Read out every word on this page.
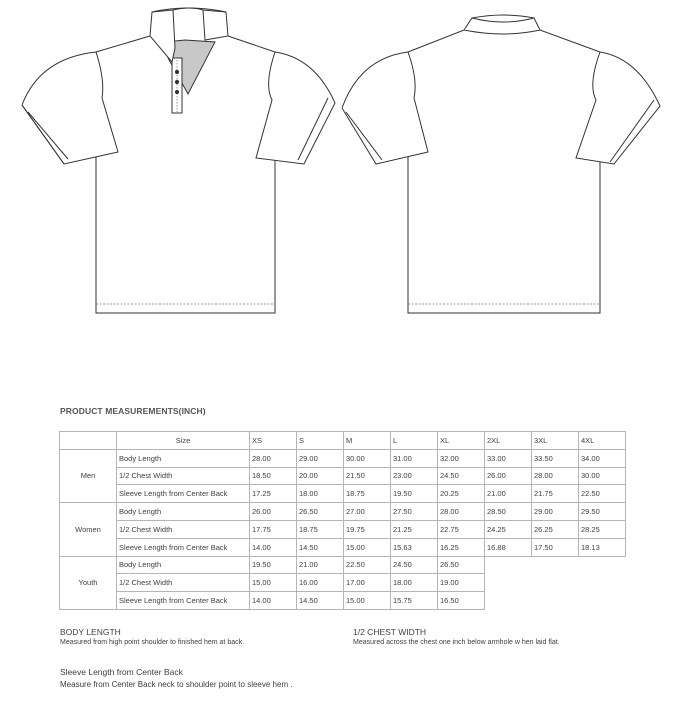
PRODUCT MEASUREMENTS(INCH)
	Size	XS	S	M	L	XL	2XL	3XL	4XL
Men	Body Length	28.00	29.00	30.00	31.00	32.00	33.00	33.50	34.00
	1/2 Chest Width	18.50	20.00	21.50	23.00	24.50	26.00	28.00	30.00
	Sleeve Length from Center Back	17.25	18.00	18.75	19.50	20.25	21.00	21.75	22.50
Women	Body Length	26.00	26.50	27.00	27.50	28.00	28.50	29.00	29.50
	1/2 Chest Width	17.75	18.75	19.75	21.25	22.75	24.25	26.25	28.25
	Sleeve Length from Center Back	14.00	14.50	15.00	15.63	16.25	16.88	17.50	18.13
Youth	Body Length	19.50	21.00	22.50	24.50	26.50			
	1/2 Chest Width	15.00	16.00	17.00	18.00	19.00			
	Sleeve Length from Center Back	14.00	14.50	15.00	15.75	16.50			
BODY LENGTH
Measured from high point shoulder to finished hem at back.
1/2 CHEST WIDTH
Measured across the chest one inch below armhole w hen laid flat.
Sleeve Length from Center Back
Measure from Center Back neck to shoulder point to sleeve hem .
